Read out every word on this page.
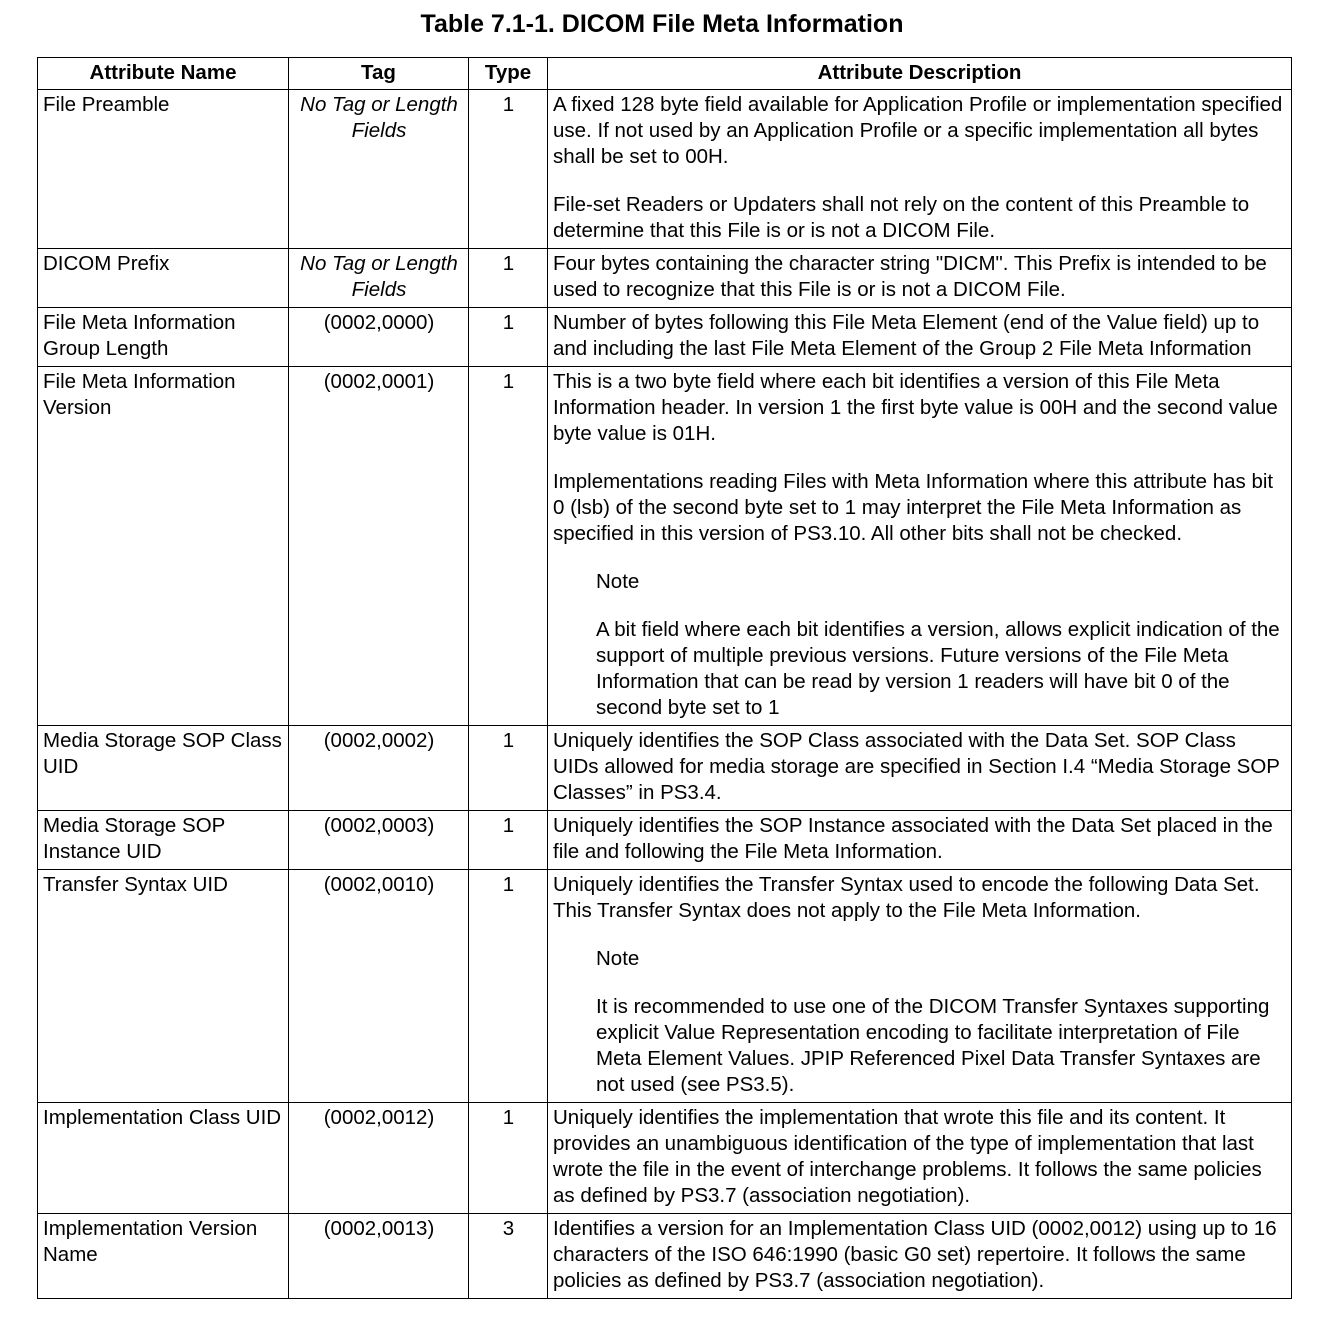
Table 7.1-1. DICOM File Meta Information
Attribute Name	Tag	Type	Attribute Description
File Preamble	No Tag or Length Fields	1	A fixed 128 byte field available for Application Profile or implementation specified use. If not used by an Application Profile or a specific implementation all bytes shall be set to 00H.

File-set Readers or Updaters shall not rely on the content of this Preamble to determine that this File is or is not a DICOM File.

DICOM Prefix	No Tag or Length Fields	1	Four bytes containing the character string "DICM". This Prefix is intended to be used to recognize that this File is or is not a DICOM File.

File Meta Information Group Length	(0002,0000)	1	Number of bytes following this File Meta Element (end of the Value field) up to and including the last File Meta Element of the Group 2 File Meta Information

File Meta Information Version	(0002,0001)	1	This is a two byte field where each bit identifies a version of this File Meta Information header. In version 1 the first byte value is 00H and the second value byte value is 01H.

Implementations reading Files with Meta Information where this attribute has bit 0 (lsb) of the second byte set to 1 may interpret the File Meta Information as specified in this version of PS3.10. All other bits shall not be checked.

Note
A bit field where each bit identifies a version, allows explicit indication of the support of multiple previous versions. Future versions of the File Meta Information that can be read by version 1 readers will have bit 0 of the second byte set to 1

Media Storage SOP Class UID	(0002,0002)	1	Uniquely identifies the SOP Class associated with the Data Set. SOP Class UIDs allowed for media storage are specified in Section I.4 “Media Storage SOP Classes” in PS3.4.

Media Storage SOP Instance UID	(0002,0003)	1	Uniquely identifies the SOP Instance associated with the Data Set placed in the file and following the File Meta Information.

Transfer Syntax UID	(0002,0010)	1	Uniquely identifies the Transfer Syntax used to encode the following Data Set. This Transfer Syntax does not apply to the File Meta Information.

Note
It is recommended to use one of the DICOM Transfer Syntaxes supporting explicit Value Representation encoding to facilitate interpretation of File Meta Element Values. JPIP Referenced Pixel Data Transfer Syntaxes are not used (see PS3.5).

Implementation Class UID	(0002,0012)	1	Uniquely identifies the implementation that wrote this file and its content. It provides an unambiguous identification of the type of implementation that last wrote the file in the event of interchange problems. It follows the same policies as defined by PS3.7 (association negotiation).

Implementation Version Name	(0002,0013)	3	Identifies a version for an Implementation Class UID (0002,0012) using up to 16 characters of the ISO 646:1990 (basic G0 set) repertoire. It follows the same policies as defined by PS3.7 (association negotiation).
